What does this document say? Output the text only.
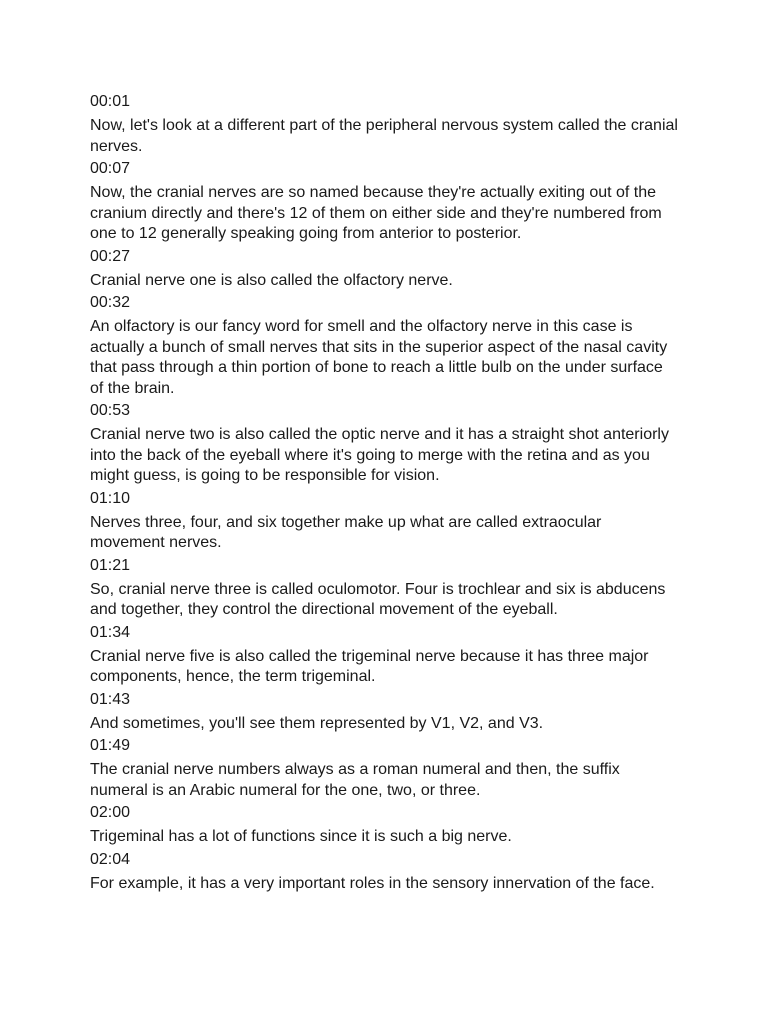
00:01
Now, let's look at a different part of the peripheral nervous system called the cranial nerves.
00:07
Now, the cranial nerves are so named because they're actually exiting out of the cranium directly and there's 12 of them on either side and they're numbered from one to 12 generally speaking going from anterior to posterior.
00:27
Cranial nerve one is also called the olfactory nerve.
00:32
An olfactory is our fancy word for smell and the olfactory nerve in this case is actually a bunch of small nerves that sits in the superior aspect of the nasal cavity that pass through a thin portion of bone to reach a little bulb on the under surface of the brain.
00:53
Cranial nerve two is also called the optic nerve and it has a straight shot anteriorly into the back of the eyeball where it's going to merge with the retina and as you might guess, is going to be responsible for vision.
01:10
Nerves three, four, and six together make up what are called extraocular movement nerves.
01:21
So, cranial nerve three is called oculomotor. Four is trochlear and six is abducens and together, they control the directional movement of the eyeball.
01:34
Cranial nerve five is also called the trigeminal nerve because it has three major components, hence, the term trigeminal.
01:43
And sometimes, you'll see them represented by V1, V2, and V3.
01:49
The cranial nerve numbers always as a roman numeral and then, the suffix numeral is an Arabic numeral for the one, two, or three.
02:00
Trigeminal has a lot of functions since it is such a big nerve.
02:04
For example, it has a very important roles in the sensory innervation of the face.
